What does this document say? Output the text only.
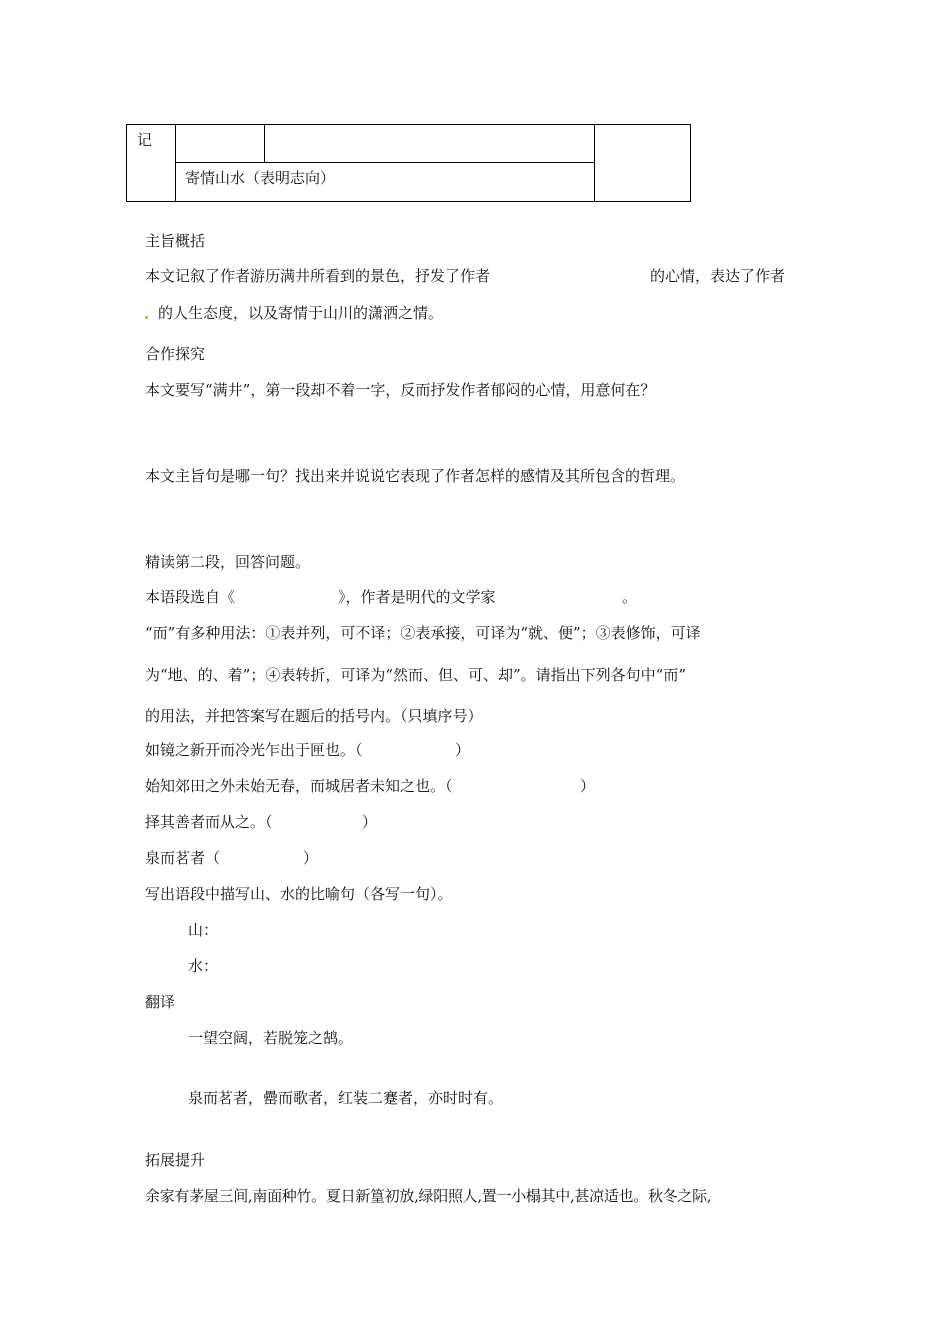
记

寄情山水（表明志向）
主旨概括
本文记叙了作者游历满井所看到的景色，抒发了作者	的心情，表达了作者
的人生态度，以及寄情于山川的潇洒之情。
合作探究
本文要写“满井”，第一段却不着一字，反而抒发作者郁闷的心情，用意何在？
本文主旨句是哪一句？找出来并说说它表现了作者怎样的感情及其所包含的哲理。
精读第二段，回答问题。
本语段选自《	》，作者是明代的文学家	。
“而”有多种用法：①表并列，可不译；②表承接，可译为“就、便”；③表修饰，可译
为“地、的、着”；④表转折，可译为“然而、但、可、却”。请指出下列各句中“而”
的用法，并把答案写在题后的括号内。（只填序号）
如镜之新开而冷光乍出于匣也。（	）
始知郊田之外未始无春，而城居者未知之也。（	）
择其善者而从之。（	）
泉而茗者（	）
写出语段中描写山、水的比喻句（各写一句）。
山：
水：
翻译
一望空阔，若脱笼之鹄。
泉而茗者，罍而歌者，红装二蹇者，亦时时有。
拓展提升
余家有茅屋三间,南面种竹。夏日新篁初放,绿阳照人,置一小榻其中,甚凉适也。秋冬之际,
